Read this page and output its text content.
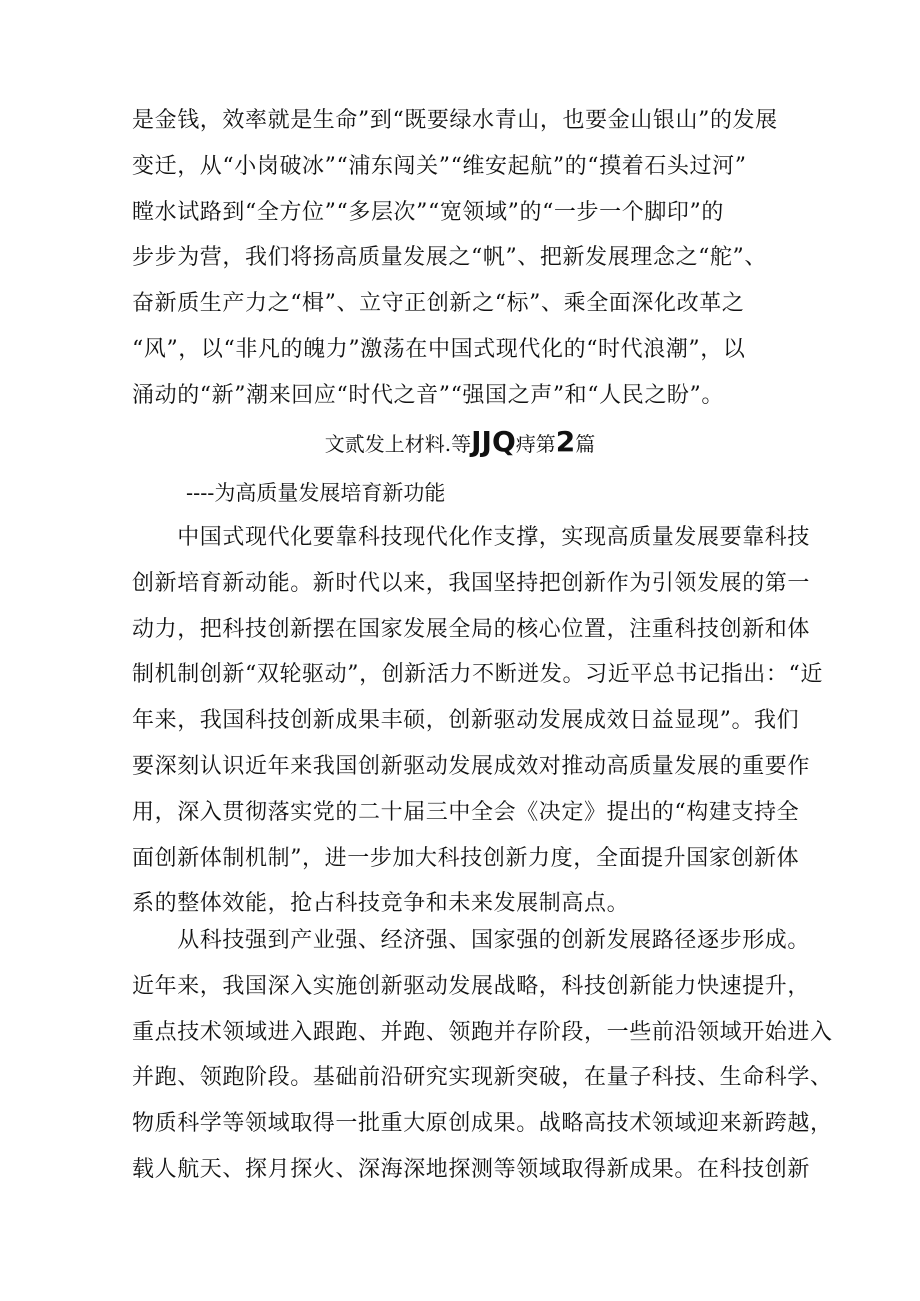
是金钱，效率就是生命”到“既要绿水青山，也要金山银山”的发展
变迁，从“小岗破冰”“浦东闯关”“维安起航”的“摸着石头过河”
瞠水试路到“全方位”“多层次”“宽领域”的“一步一个脚印”的
步步为营，我们将扬高质量发展之“帆”、把新发展理念之“舵”、
奋新质生产力之“楫”、立守正创新之“标”、乘全面深化改革之
“风”，以“非凡的魄力”激荡在中国式现代化的“时代浪潮”，以
涌动的“新”潮来回应“时代之音”“强国之声”和“人民之盼”。
文贰发上材料.等JJQ痔第2篇
----为高质量发展培育新功能
　　中国式现代化要靠科技现代化作支撑，实现高质量发展要靠科技
创新培育新动能。新时代以来，我国坚持把创新作为引领发展的第一
动力，把科技创新摆在国家发展全局的核心位置，注重科技创新和体
制机制创新“双轮驱动”，创新活力不断迸发。习近平总书记指出：“近
年来，我国科技创新成果丰硕，创新驱动发展成效日益显现”。我们
要深刻认识近年来我国创新驱动发展成效对推动高质量发展的重要作
用，深入贯彻落实党的二十届三中全会《决定》提出的“构建支持全
面创新体制机制”，进一步加大科技创新力度，全面提升国家创新体
系的整体效能，抢占科技竞争和未来发展制高点。
　　从科技强到产业强、经济强、国家强的创新发展路径逐步形成。
近年来，我国深入实施创新驱动发展战略，科技创新能力快速提升，
重点技术领域进入跟跑、并跑、领跑并存阶段，一些前沿领域开始进入
并跑、领跑阶段。基础前沿研究实现新突破，在量子科技、生命科学、
物质科学等领域取得一批重大原创成果。战略高技术领域迎来新跨越，
载人航天、探月探火、深海深地探测等领域取得新成果。在科技创新
